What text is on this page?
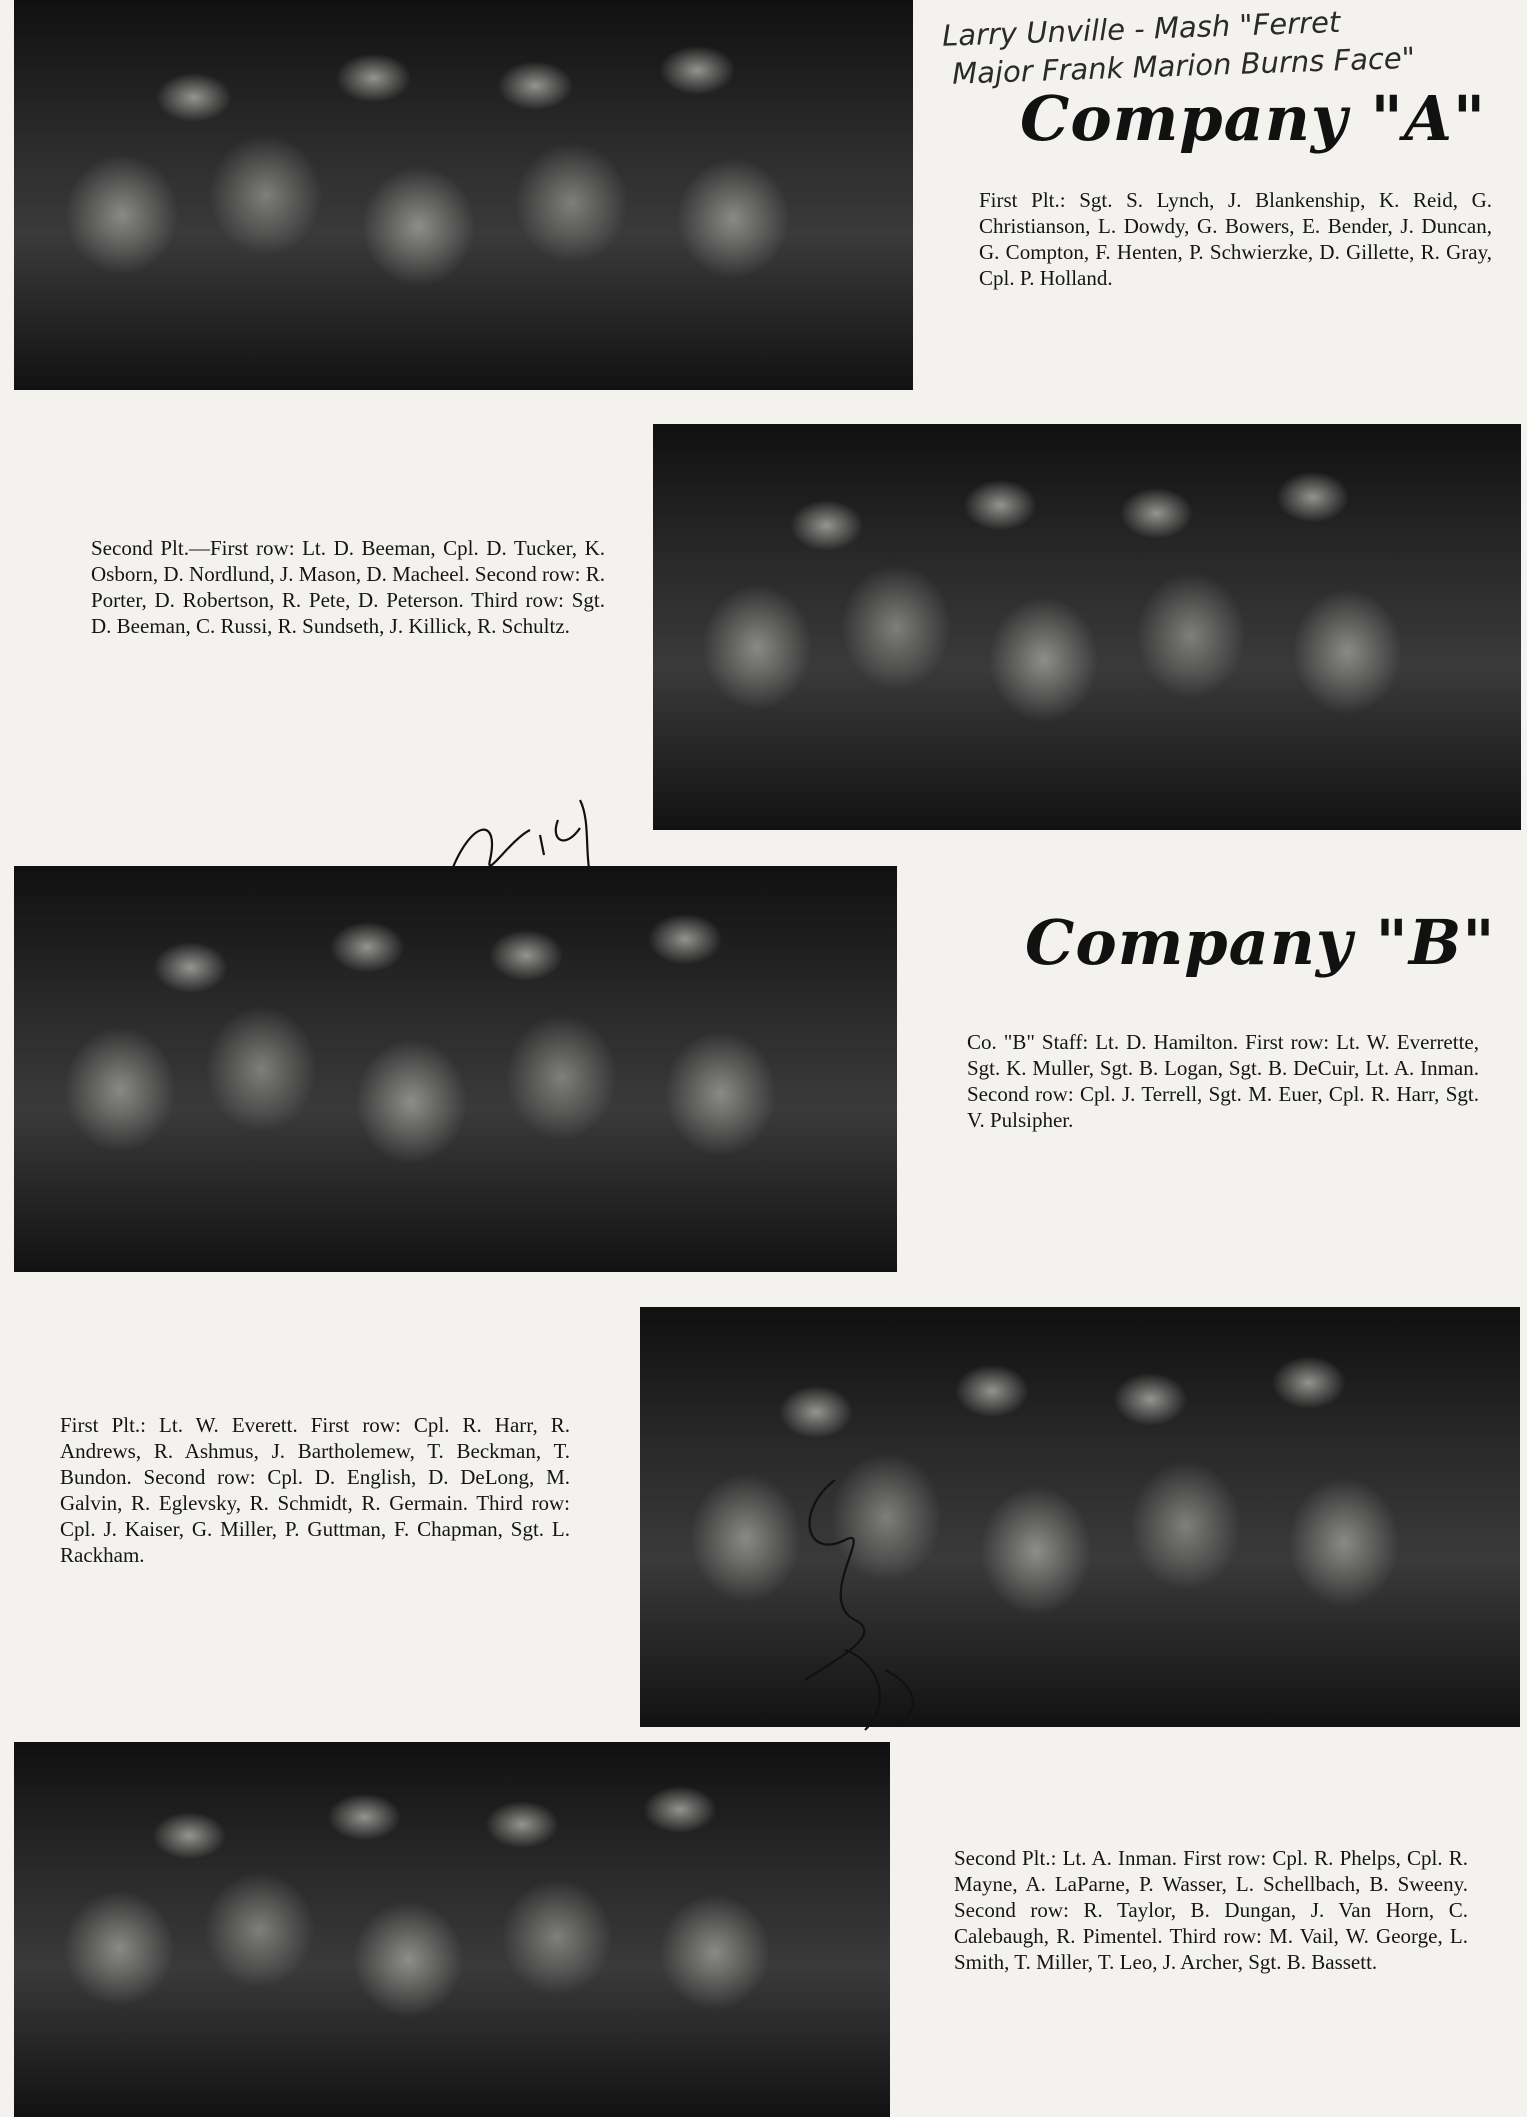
Larry Unville - Mash "Ferret

Major Frank Marion Burns Face"

Company "A"

First Plt.: Sgt. S. Lynch, J. Blankenship, K. Reid, G. Christianson, L. Dowdy, G. Bowers, E. Bender, J. Duncan, G. Compton, F. Henten, P. Schwierzke, D. Gillette, R. Gray, Cpl. P. Holland.

Second Plt.—First row: Lt. D. Beeman, Cpl. D. Tucker, K. Osborn, D. Nordlund, J. Mason, D. Macheel. Second row: R. Porter, D. Robertson, R. Pete, D. Peterson. Third row: Sgt. D. Beeman, C. Russi, R. Sundseth, J. Killick, R. Schultz.

Company "B"

Co. "B" Staff: Lt. D. Hamilton. First row: Lt. W. Everrette, Sgt. K. Muller, Sgt. B. Logan, Sgt. B. DeCuir, Lt. A. Inman. Second row: Cpl. J. Terrell, Sgt. M. Euer, Cpl. R. Harr, Sgt. V. Pulsipher.

First Plt.: Lt. W. Everett. First row: Cpl. R. Harr, R. Andrews, R. Ashmus, J. Bartholemew, T. Beckman, T. Bundon. Second row: Cpl. D. English, D. DeLong, M. Galvin, R. Eglevsky, R. Schmidt, R. Germain. Third row: Cpl. J. Kaiser, G. Miller, P. Guttman, F. Chapman, Sgt. L. Rackham.

Second Plt.: Lt. A. Inman. First row: Cpl. R. Phelps, Cpl. R. Mayne, A. LaParne, P. Wasser, L. Schellbach, B. Sweeny. Second row: R. Taylor, B. Dungan, J. Van Horn, C. Calebaugh, R. Pimentel. Third row: M. Vail, W. George, L. Smith, T. Miller, T. Leo, J. Archer, Sgt. B. Bassett.
